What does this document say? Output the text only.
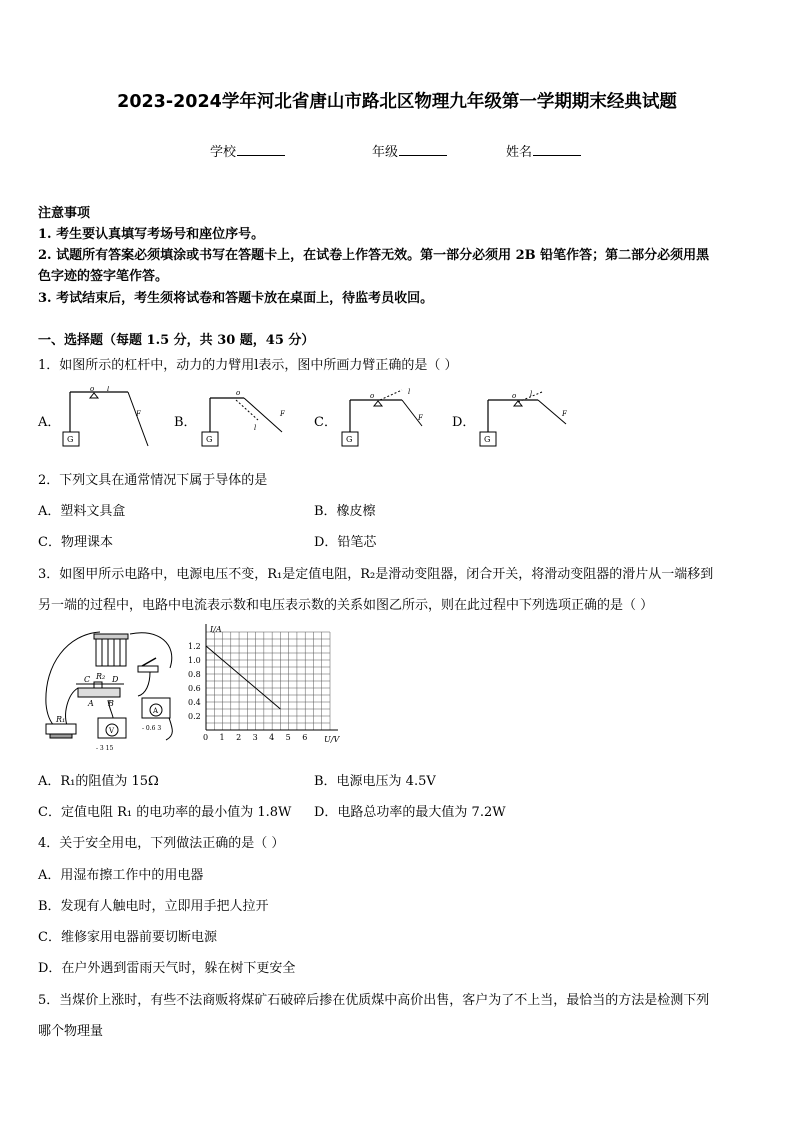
2023-2024学年河北省唐山市路北区物理九年级第一学期期末经典试题
学校	年级	姓名
注意事项
1. 考生要认真填写考场号和座位序号。
2. 试题所有答案必须填涂或书写在答题卡上，在试卷上作答无效。第一部分必须用 2B 铅笔作答；第二部分必须用黑
色字迹的签字笔作答。
3. 考试结束后，考生须将试卷和答题卡放在桌面上，待监考员收回。
一、选择题（每题 1.5 分，共 30 题，45 分）
1．如图所示的杠杆中，动力的力臂用l表示，图中所画力臂正确的是（ ）
A．	B．	C．	D．
o l
F
G
o
l
F
G
o	l
F
G
o l
F
G
2．下列文具在通常情况下属于导体的是
A．塑料文具盒	B．橡皮檫
C．物理课本	D．铅笔芯
3．如图甲所示电路中，电源电压不变，R₁是定值电阻，R₂是滑动变阻器，闭合开关，将滑动变阻器的滑片从一端移到
另一端的过程中，电路中电流表示数和电压表示数的关系如图乙所示，则在此过程中下列选项正确的是（ ）
C R₂ D
A B
R₁
V
- 3 15
A
- 0.6 3
0 1 2 3 4 5 6
1.2
1.0
0.8
0.6
0.4
0.2
I/A
U/V
A．R₁的阻值为 15Ω	B．电源电压为 4.5V
C．定值电阻 R₁ 的电功率的最小值为 1.8W D．电路总功率的最大值为 7.2W
4．关于安全用电，下列做法正确的是（ ）
A．用湿布擦工作中的用电器
B．发现有人触电时，立即用手把人拉开
C．维修家用电器前要切断电源
D．在户外遇到雷雨天气时，躲在树下更安全
5．当煤价上涨时，有些不法商贩将煤矿石破碎后掺在优质煤中高价出售，客户为了不上当，最恰当的方法是检测下列
哪个物理量
